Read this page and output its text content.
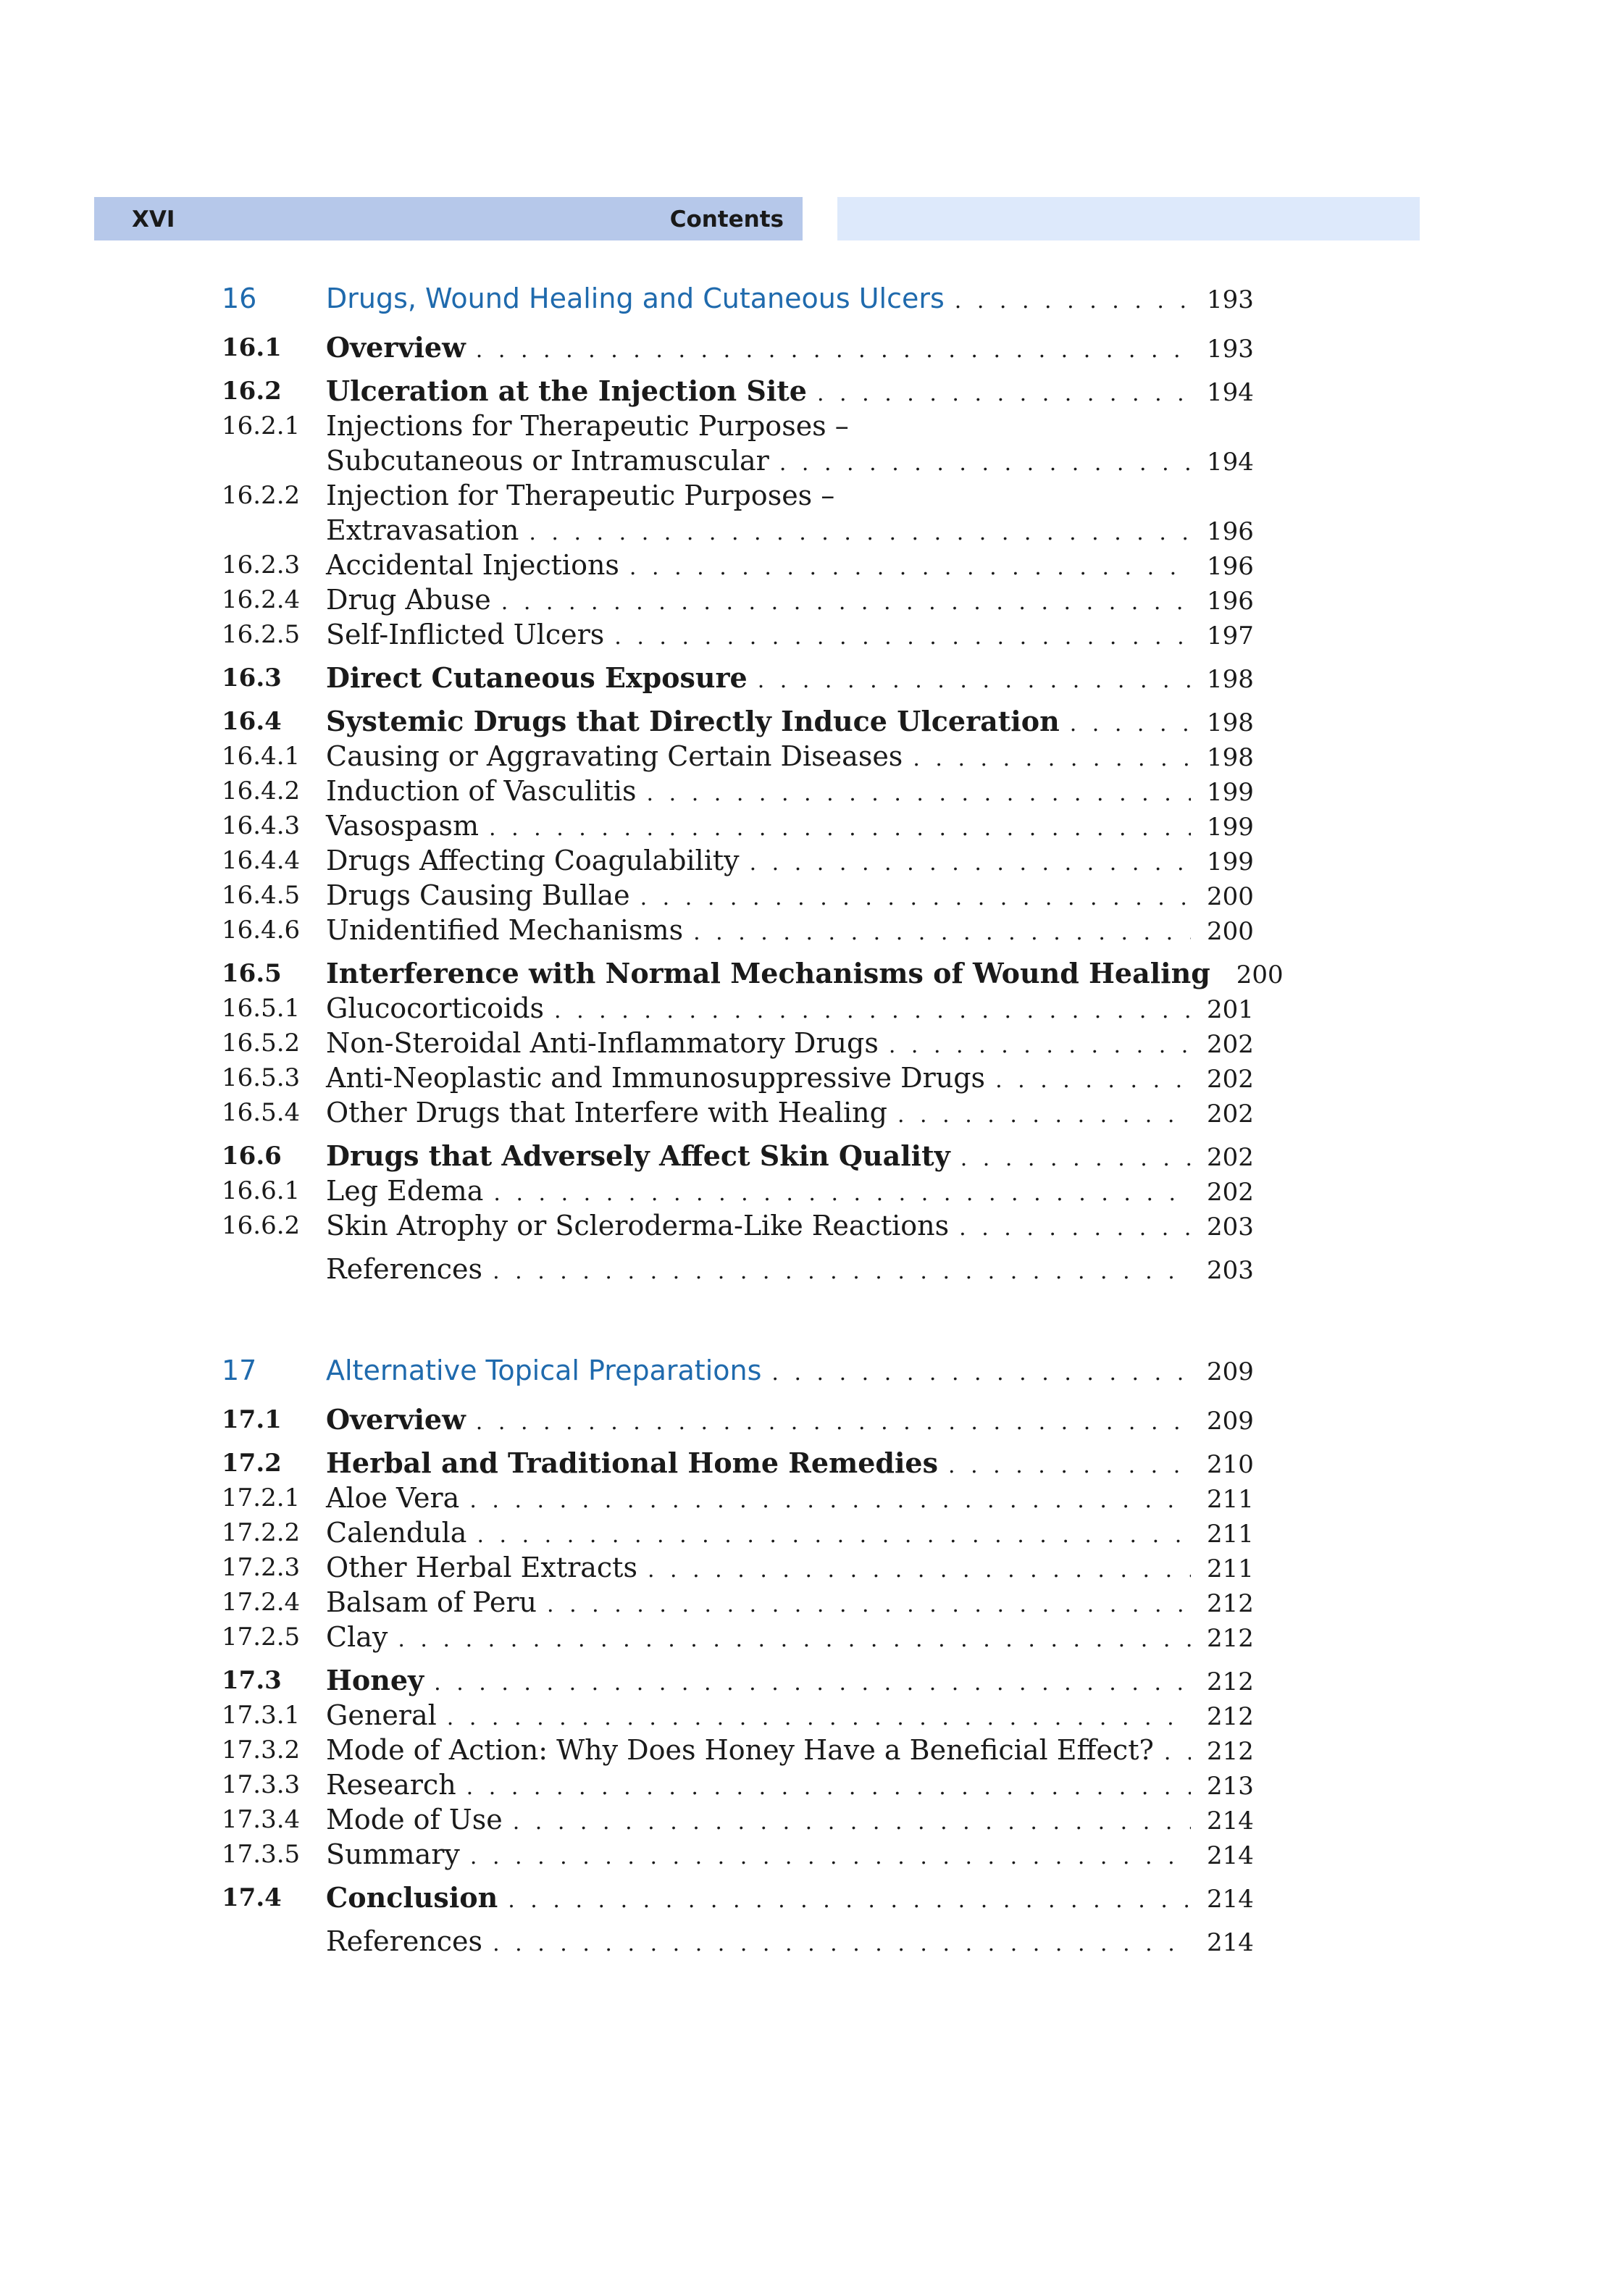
XVI	Contents
16	Drugs, Wound Healing and Cutaneous Ulcers . . .	193
16.1 Overview . . .	193
16.2 Ulceration at the Injection Site . . .	194
16.2.1 Injections for Therapeutic Purposes –
Subcutaneous or Intramuscular . . .	194
16.2.2 Injection for Therapeutic Purposes –
Extravasation . . .	196
16.2.3 Accidental Injections . . .	196
16.2.4 Drug Abuse . . .	196
16.2.5 Self-Inflicted Ulcers . . .	197
16.3 Direct Cutaneous Exposure . . .	198
16.4 Systemic Drugs that Directly Induce Ulceration . . .	198
16.4.1 Causing or Aggravating Certain Diseases . . .	198
16.4.2 Induction of Vasculitis . . .	199
16.4.3 Vasospasm . . .	199
16.4.4 Drugs Affecting Coagulability . . .	199
16.4.5 Drugs Causing Bullae . . .	200
16.4.6 Unidentified Mechanisms . . .	200
16.5 Interference with Normal Mechanisms of Wound Healing 200
16.5.1 Glucocorticoids . . .	201
16.5.2 Non-Steroidal Anti-Inflammatory Drugs . . .	202
16.5.3 Anti-Neoplastic and Immunosuppressive Drugs . . .	202
16.5.4 Other Drugs that Interfere with Healing . . .	202
16.6 Drugs that Adversely Affect Skin Quality . . .	202
16.6.1 Leg Edema . . .	202
16.6.2 Skin Atrophy or Scleroderma-Like Reactions . . .	203
References . . .	203
17	Alternative Topical Preparations . . .	209
17.1 Overview . . .	209
17.2 Herbal and Traditional Home Remedies . . .	210
17.2.1 Aloe Vera . . .	211
17.2.2 Calendula . . .	211
17.2.3 Other Herbal Extracts . . .	211
17.2.4 Balsam of Peru . . .	212
17.2.5 Clay . . .	212
17.3 Honey . . .	212
17.3.1 General . . .	212
17.3.2 Mode of Action: Why Does Honey Have a Beneficial Effect? . . . 212
17.3.3 Research . . .	213
17.3.4 Mode of Use . . .	214
17.3.5 Summary . . .	214
17.4 Conclusion . . .	214
References . . .	214
